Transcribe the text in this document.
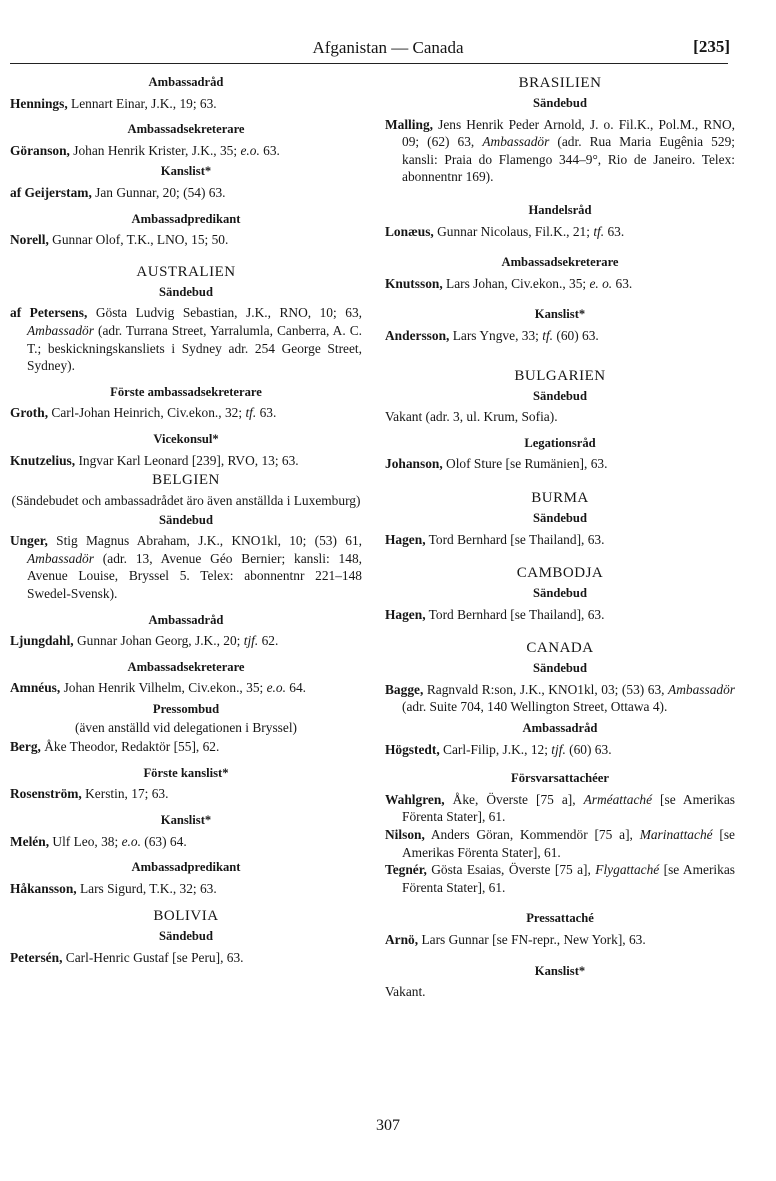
Afganistan — Canada	[235]
Ambassadråd

Hennings, Lennart Einar, J.K., 19; 63.

Ambassadsekreterare

Göranson, Johan Henrik Krister, J.K., 35; e.o. 63.

Kanslist*

af Geijerstam, Jan Gunnar, 20; (54) 63.

Ambassadpredikant

Norell, Gunnar Olof, T.K., LNO, 15; 50.

AUSTRALIEN
Sändebud

af Petersens, Gösta Ludvig Sebastian, J.K., RNO, 10; 63, Ambassadör (adr. Turrana Street, Yarralumla, Canberra, A. C. T.; beskickningskansliets i Sydney adr. 254 George Street, Sydney).

Förste ambassadsekreterare

Groth, Carl-Johan Heinrich, Civ.ekon., 32; tf. 63.

Vicekonsul*

Knutzelius, Ingvar Karl Leonard [239], RVO, 13; 63.

BELGIEN
(Sändebudet och ambassadrådet äro även anställda i Luxemburg)
Sändebud

Unger, Stig Magnus Abraham, J.K., KNO1kl, 10; (53) 61, Ambassadör (adr. 13, Avenue Géo Bernier; kansli: 148, Avenue Louise, Bryssel 5. Telex: abonnentnr 221–148 Swedel-Svensk).

Ambassadråd

Ljungdahl, Gunnar Johan Georg, J.K., 20; tjf. 62.

Ambassadsekreterare

Amnéus, Johan Henrik Vilhelm, Civ.ekon., 35; e.o. 64.

Pressombud
(även anställd vid delegationen i Bryssel)

Berg, Åke Theodor, Redaktör [55], 62.

Förste kanslist*

Rosenström, Kerstin, 17; 63.

Kanslist*

Melén, Ulf Leo, 38; e.o. (63) 64.

Ambassadpredikant

Håkansson, Lars Sigurd, T.K., 32; 63.

BOLIVIA
Sändebud

Petersén, Carl-Henric Gustaf [se Peru], 63.

BRASILIEN
Sändebud

Malling, Jens Henrik Peder Arnold, J. o. Fil.K., Pol.M., RNO, 09; (62) 63, Ambassadör (adr. Rua Maria Eugênia 529; kansli: Praia do Flamengo 344–9°, Rio de Janeiro. Telex: abonnentnr 169).

Handelsråd

Lonæus, Gunnar Nicolaus, Fil.K., 21; tf. 63.

Ambassadsekreterare

Knutsson, Lars Johan, Civ.ekon., 35; e. o. 63.

Kanslist*

Andersson, Lars Yngve, 33; tf. (60) 63.

BULGARIEN
Sändebud

Vakant (adr. 3, ul. Krum, Sofia).

Legationsråd

Johanson, Olof Sture [se Rumänien], 63.

BURMA
Sändebud

Hagen, Tord Bernhard [se Thailand], 63.

CAMBODJA
Sändebud

Hagen, Tord Bernhard [se Thailand], 63.

CANADA
Sändebud

Bagge, Ragnvald R:son, J.K., KNO1kl, 03; (53) 63, Ambassadör (adr. Suite 704, 140 Wellington Street, Ottawa 4).

Ambassadråd

Högstedt, Carl-Filip, J.K., 12; tjf. (60) 63.

Försvarsattachéer

Wahlgren, Åke, Överste [75 a], Arméattaché [se Amerikas Förenta Stater], 61.

Nilson, Anders Göran, Kommendör [75 a], Marinattaché [se Amerikas Förenta Stater], 61.

Tegnér, Gösta Esaias, Överste [75 a], Flygattaché [se Amerikas Förenta Stater], 61.

Pressattaché

Arnö, Lars Gunnar [se FN-repr., New York], 63.

Kanslist*

Vakant.

307
